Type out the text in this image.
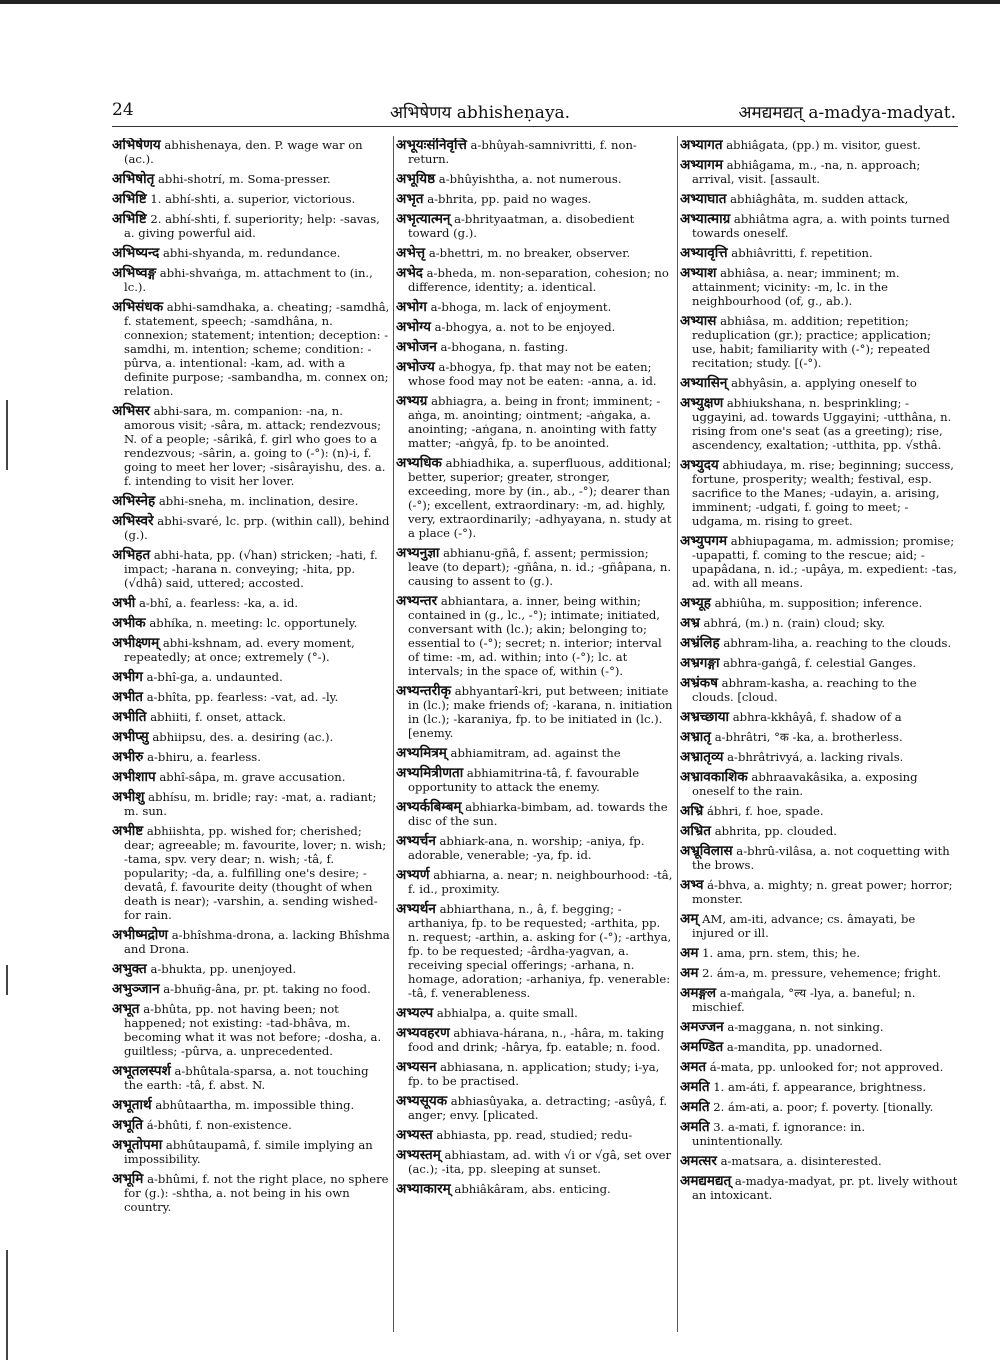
24	अभिषेणय abhisheṇaya.	अमद्यमद्यत् a-madya-madyat.

अभिषेणय abhishenaya, den. P. wage war on (ac.).

अभिषोतृ abhi-shotrí, m. Soma-presser.

अभिष्टि 1. abhí-shti, a. superior, victorious.

अभिष्टि 2. abhí-shti, f. superiority; help: -savas, a. giving powerful aid.

अभिष्यन्द abhi-shyanda, m. redundance.

अभिष्वङ्ग abhi-shvaṅga, m. attachment to (in., lc.).

अभिसंधक abhi-samdhaka, a. cheating; -samdhâ, f. statement, speech; -samdhâna, n. connexion; statement; intention; deception: -samdhi, m. intention; scheme; condition: -pûrva, a. intentional: -kam, ad. with a definite purpose; -sambandha, m. connex on; relation.

अभिसर abhi-sara, m. companion: -na, n. amorous visit; -sâra, m. attack; rendezvous; N. of a people; -sârikâ, f. girl who goes to a rendezvous; -sârin, a. going to (-°): (n)-i, f. going to meet her lover; -sisârayishu, des. a. f. intending to visit her lover.

अभिस्नेह abhi-sneha, m. inclination, desire.

अभिस्वरे abhi-svaré, lc. prp. (within call), behind (g.).

अभिहत abhi-hata, pp. (√han) stricken; -hati, f. impact; -harana n. conveying; -hita, pp. (√dhâ) said, uttered; accosted.

अभी a-bhî, a. fearless: -ka, a. id.

अभीक abhíka, n. meeting: lc. opportunely.

अभीक्ष्णम् abhi-kshnam, ad. every moment, repeatedly; at once; extremely (°-).

अभीग a-bhî-ga, a. undaunted.

अभीत a-bhîta, pp. fearless: -vat, ad. -ly.

अभीति abhiiti, f. onset, attack.

अभीप्सु abhiipsu, des. a. desiring (ac.).

अभीरु a-bhiru, a. fearless.

अभीशाप abhî-sâpa, m. grave accusation.

अभीशु abhísu, m. bridle; ray: -mat, a. radiant; m. sun.

अभीष्ट abhiishta, pp. wished for; cherished; dear; agreeable; m. favourite, lover; n. wish; -tama, spv. very dear; n. wish; -tâ, f. popularity; -da, a. fulfilling one's desire; -devatâ, f. favourite deity (thought of when death is near); -varshin, a. sending wished-for rain.

अभीष्मद्रोण a-bhîshma-drona, a. lacking Bhîshma and Drona.

अभुक्त a-bhukta, pp. unenjoyed.

अभुञ्जान a-bhuñg-âna, pr. pt. taking no food.

अभूत a-bhûta, pp. not having been; not happened; not existing: -tad-bhâva, m. becoming what it was not before; -dosha, a. guiltless; -pûrva, a. unprecedented.

अभूतलस्पर्श a-bhûtala-sparsa, a. not touching the earth: -tâ, f. abst. N.

अभूतार्थ abhûtaartha, m. impossible thing.

अभूति á-bhûti, f. non-existence.

अभूतोपमा abhûtaupamâ, f. simile implying an impossibility.

अभूमि a-bhûmi, f. not the right place, no sphere for (g.): -shtha, a. not being in his own country.

अभूयःसंनिवृत्ति a-bhûyah-samnivritti, f. non-return.

अभूयिष्ठ a-bhûyishtha, a. not numerous.

अभृत a-bhrita, pp. paid no wages.

अभृत्यात्मन् a-bhrityaatman, a. disobedient toward (g.).

अभेत्तृ a-bhettri, m. no breaker, observer.

अभेद a-bheda, m. non-separation, cohesion; no difference, identity; a. identical.

अभोग a-bhoga, m. lack of enjoyment.

अभोग्य a-bhogya, a. not to be enjoyed.

अभोजन a-bhogana, n. fasting.

अभोज्य a-bhogya, fp. that may not be eaten; whose food may not be eaten: -anna, a. id.

अभ्यग्र abhiagra, a. being in front; imminent; -aṅga, m. anointing; ointment; -aṅgaka, a. anointing; -aṅgana, n. anointing with fatty matter; -aṅgyâ, fp. to be anointed.

अभ्यधिक abhiadhika, a. superfluous, additional; better, superior; greater, stronger, exceeding, more by (in., ab., -°); dearer than (-°); excellent, extraordinary: -m, ad. highly, very, extraordinarily; -adhyayana, n. study at a place (-°).

अभ्यनुज्ञा abhianu-gñâ, f. assent; permission; leave (to depart); -gñâna, n. id.; -gñâpana, n. causing to assent to (g.).

अभ्यन्तर abhiantara, a. inner, being within; contained in (g., lc., -°); intimate; initiated, conversant with (lc.); akin; belonging to; essential to (-°); secret; n. interior; interval of time: -m, ad. within; into (-°); lc. at intervals; in the space of, within (-°).

अभ्यन्तरीकृ abhyantarî-kri, put between; initiate in (lc.); make friends of; -karana, n. initiation in (lc.); -karaniya, fp. to be initiated in (lc.). [enemy.

अभ्यमित्रम् abhiamitram, ad. against the

अभ्यमित्रीणता abhiamitrina-tâ, f. favourable opportunity to attack the enemy.

अभ्यर्कबिम्बम् abhiarka-bimbam, ad. towards the disc of the sun.

अभ्यर्चन abhiark-ana, n. worship; -aniya, fp. adorable, venerable; -ya, fp. id.

अभ्यर्ण abhiarna, a. near; n. neighbourhood: -tâ, f. id., proximity.

अभ्यर्थन abhiarthana, n., â, f. begging; -arthaniya, fp. to be requested; -arthita, pp. n. request; -arthin, a. asking for (-°); -arthya, fp. to be requested; -ârdha-yagvan, a. receiving special offerings; -arhana, n. homage, adoration; -arhaniya, fp. venerable: -tâ, f. venerableness.

अभ्यल्प abhialpa, a. quite small.

अभ्यवहरण abhiava-hárana, n., -hâra, m. taking food and drink; -hârya, fp. eatable; n. food.

अभ्यसन abhiasana, n. application; study; i-ya, fp. to be practised.

अभ्यसूयक abhiasûyaka, a. detracting; -asûyâ, f. anger; envy. [plicated.

अभ्यस्त abhiasta, pp. read, studied; redu-

अभ्यस्तम् abhiastam, ad. with √i or √gâ, set over (ac.); -ita, pp. sleeping at sunset.

अभ्याकारम् abhiâkâram, abs. enticing.

अभ्यागत abhiâgata, (pp.) m. visitor, guest.

अभ्यागम abhiâgama, m., -na, n. approach; arrival, visit. [assault.

अभ्याघात abhiâghâta, m. sudden attack,

अभ्यात्माग्र abhiâtma agra, a. with points turned towards oneself.

अभ्यावृत्ति abhiâvritti, f. repetition.

अभ्याश abhiâsa, a. near; imminent; m. attainment; vicinity: -m, lc. in the neighbourhood (of, g., ab.).

अभ्यास abhiâsa, m. addition; repetition; reduplication (gr.); practice; application; use, habit; familiarity with (-°); repeated recitation; study. [(-°).

अभ्यासिन् abhyâsin, a. applying oneself to

अभ्युक्षण abhiukshana, n. besprinkling; -uggayini, ad. towards Uggayini; -utthâna, n. rising from one's seat (as a greeting); rise, ascendency, exaltation; -utthita, pp. √sthâ.

अभ्युदय abhiudaya, m. rise; beginning; success, fortune, prosperity; wealth; festival, esp. sacrifice to the Manes; -udayin, a. arising, imminent; -udgati, f. going to meet; -udgama, m. rising to greet.

अभ्युपगम abhiupagama, m. admission; promise; -upapatti, f. coming to the rescue; aid; -upapâdana, n. id.; -upâya, m. expedient: -tas, ad. with all means.

अभ्यूह abhiûha, m. supposition; inference.

अभ्र abhrá, (m.) n. (rain) cloud; sky.

अभ्रंलिह abhram-liha, a. reaching to the clouds.

अभ्रगङ्गा abhra-gaṅgâ, f. celestial Ganges.

अभ्रंकष abhram-kasha, a. reaching to the clouds. [cloud.

अभ्रच्छाया abhra-kkhâyâ, f. shadow of a

अभ्रातृ a-bhrâtri, °क -ka, a. brotherless.

अभ्रातृव्य a-bhrâtrivyá, a. lacking rivals.

अभ्रावकाशिक abhraavakâsika, a. exposing oneself to the rain.

अभ्रि ábhri, f. hoe, spade.

अभ्रित abhrita, pp. clouded.

अभ्रूविलास a-bhrû-vilâsa, a. not coquetting with the brows.

अभ्व á-bhva, a. mighty; n. great power; horror; monster.

अम् AM, am-iti, advance; cs. âmayati, be injured or ill.

अम 1. ama, prn. stem, this; he.

अम 2. ám-a, m. pressure, vehemence; fright.

अमङ्गल a-maṅgala, °ल्य -lya, a. baneful; n. mischief.

अमज्जन a-maggana, n. not sinking.

अमण्डित a-mandita, pp. unadorned.

अमत á-mata, pp. unlooked for; not approved.

अमति 1. am-áti, f. appearance, brightness.

अमति 2. ám-ati, a. poor; f. poverty. [tionally.

अमति 3. a-mati, f. ignorance: in. unintentionally.

अमत्सर a-matsara, a. disinterested.

अमद्यमद्यत् a-madya-madyat, pr. pt. lively without an intoxicant.
